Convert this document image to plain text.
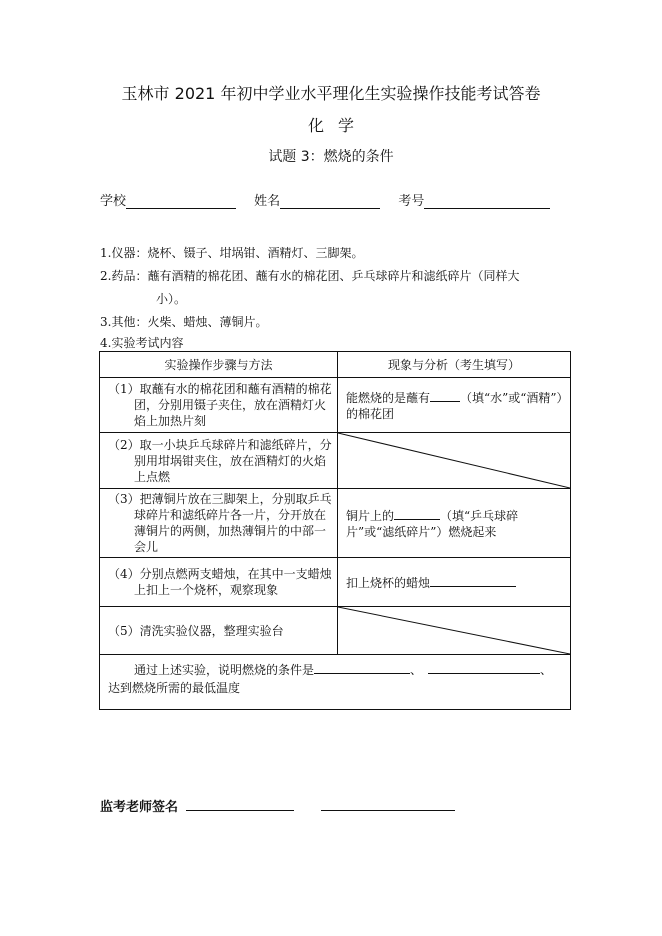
玉林市 2021 年初中学业水平理化生实验操作技能考试答卷
化学
试题 3：燃烧的条件
学校	姓名	考号
1.仪器：烧杯、镊子、坩埚钳、酒精灯、三脚架。
2.药品：蘸有酒精的棉花团、蘸有水的棉花团、乒乓球碎片和滤纸碎片（同样大
小）。
3.其他：火柴、蜡烛、薄铜片。
4.实验考试内容
实验操作步骤与方法	现象与分析（考生填写）

（1）取蘸有水的棉花团和蘸有酒精的棉花团，分别用镊子夹住，放在酒精灯火焰上加热片刻	能燃烧的是蘸有 （填“水”或“酒精”）的棉花团

（2）取一小块乒乓球碎片和滤纸碎片，分别用坩埚钳夹住，放在酒精灯的火焰上点燃

（3）把薄铜片放在三脚架上，分别取乒乓球碎片和滤纸碎片各一片，分开放在薄铜片的两侧，加热薄铜片的中部一会儿	铜片上的 （填“乒乓球碎片”或“滤纸碎片”）燃烧起来

（4）分别点燃两支蜡烛，在其中一支蜡烛上扣上一个烧杯，观察现象	扣上烧杯的蜡烛

（5）清洗实验仪器，整理实验台

通过上述实验，说明燃烧的条件是 、 、
达到燃烧所需的最低温度	
监考老师签名
